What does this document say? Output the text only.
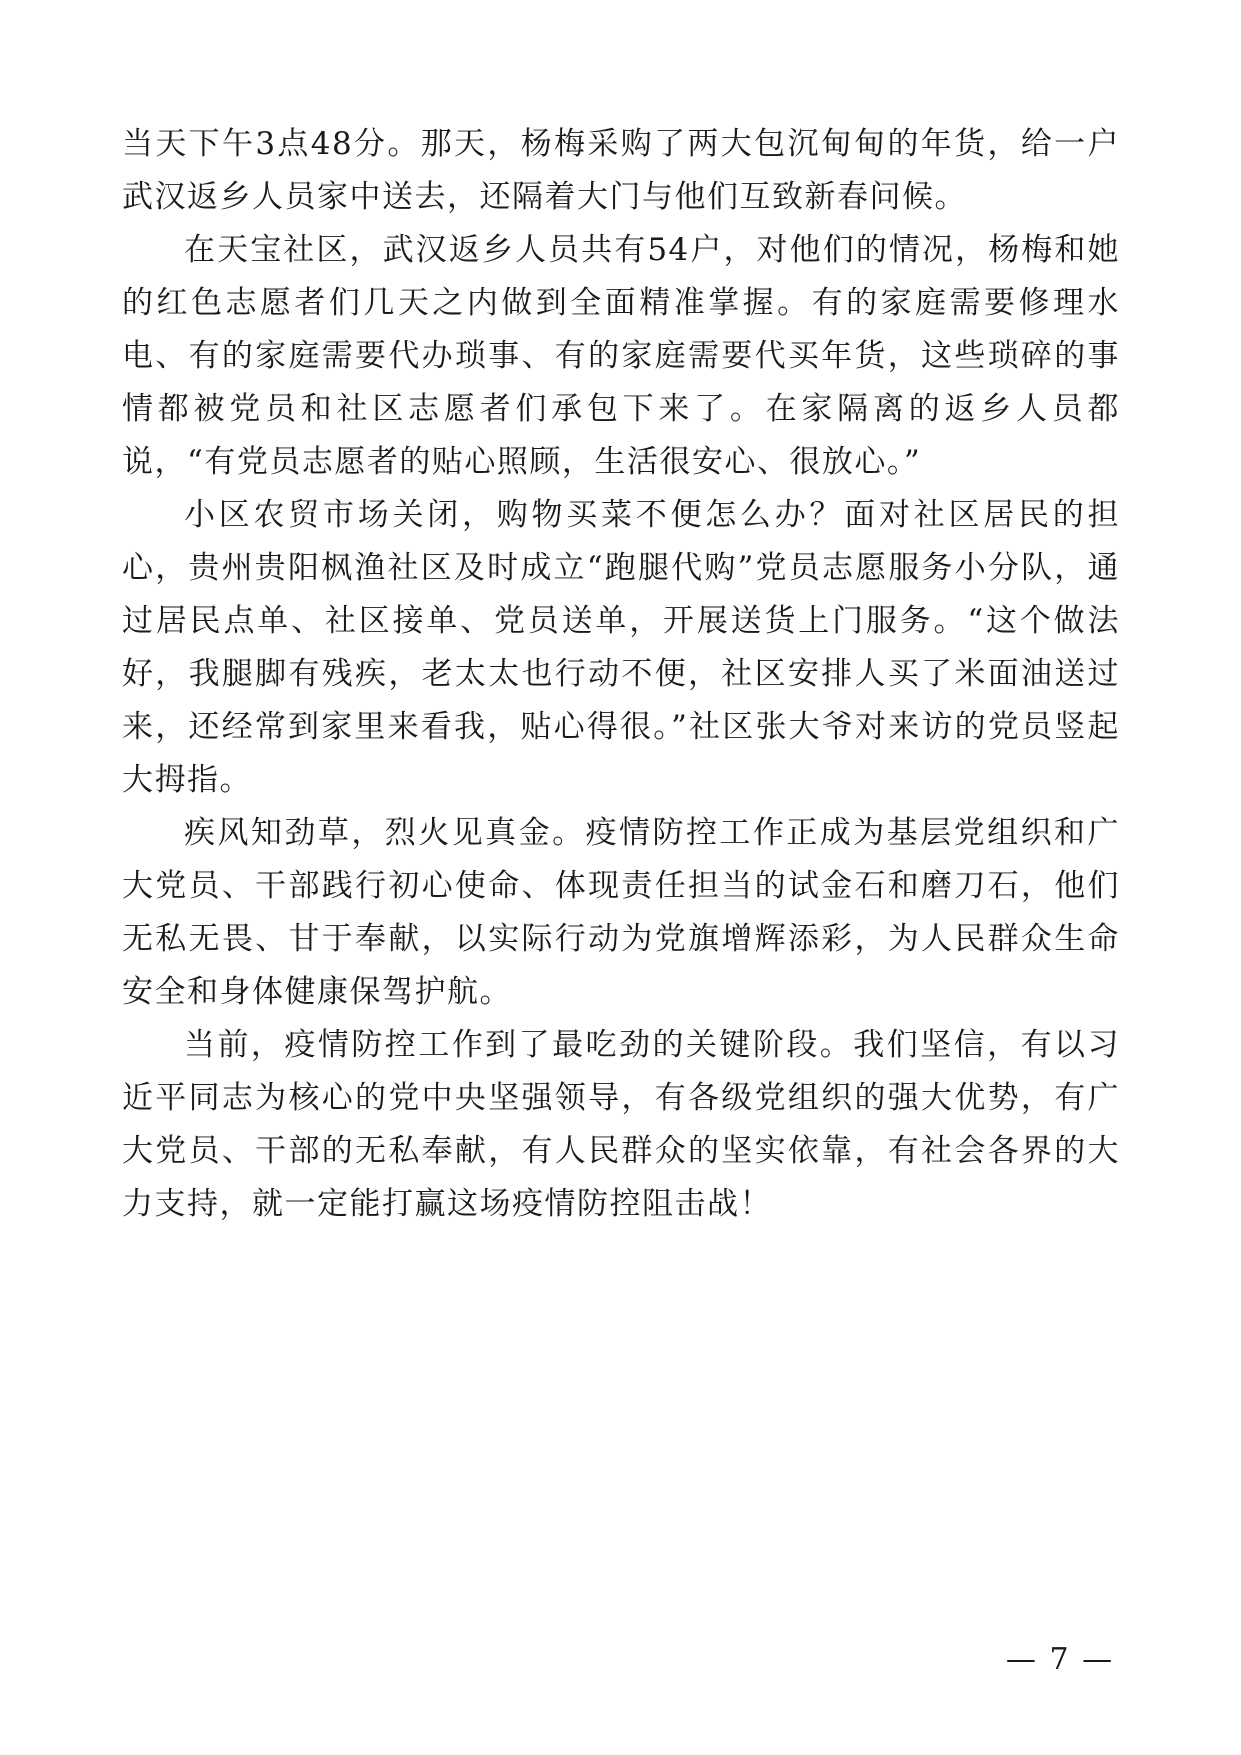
当天下午3点48分。那天，杨梅采购了两大包沉甸甸的年货，给一户武汉返乡人员家中送去，还隔着大门与他们互致新春问候。

在天宝社区，武汉返乡人员共有54户，对他们的情况，杨梅和她的红色志愿者们几天之内做到全面精准掌握。有的家庭需要修理水电、有的家庭需要代办琐事、有的家庭需要代买年货，这些琐碎的事情都被党员和社区志愿者们承包下来了。在家隔离的返乡人员都说，“有党员志愿者的贴心照顾，生活很安心、很放心。”

小区农贸市场关闭，购物买菜不便怎么办？面对社区居民的担心，贵州贵阳枫渔社区及时成立“跑腿代购”党员志愿服务小分队，通过居民点单、社区接单、党员送单，开展送货上门服务。“这个做法好，我腿脚有残疾，老太太也行动不便，社区安排人买了米面油送过来，还经常到家里来看我，贴心得很。”社区张大爷对来访的党员竖起大拇指。

疾风知劲草，烈火见真金。疫情防控工作正成为基层党组织和广大党员、干部践行初心使命、体现责任担当的试金石和磨刀石，他们无私无畏、甘于奉献，以实际行动为党旗增辉添彩，为人民群众生命安全和身体健康保驾护航。

当前，疫情防控工作到了最吃劲的关键阶段。我们坚信，有以习近平同志为核心的党中央坚强领导，有各级党组织的强大优势，有广大党员、干部的无私奉献，有人民群众的坚实依靠，有社会各界的大力支持，就一定能打赢这场疫情防控阻击战！

— 7 —
